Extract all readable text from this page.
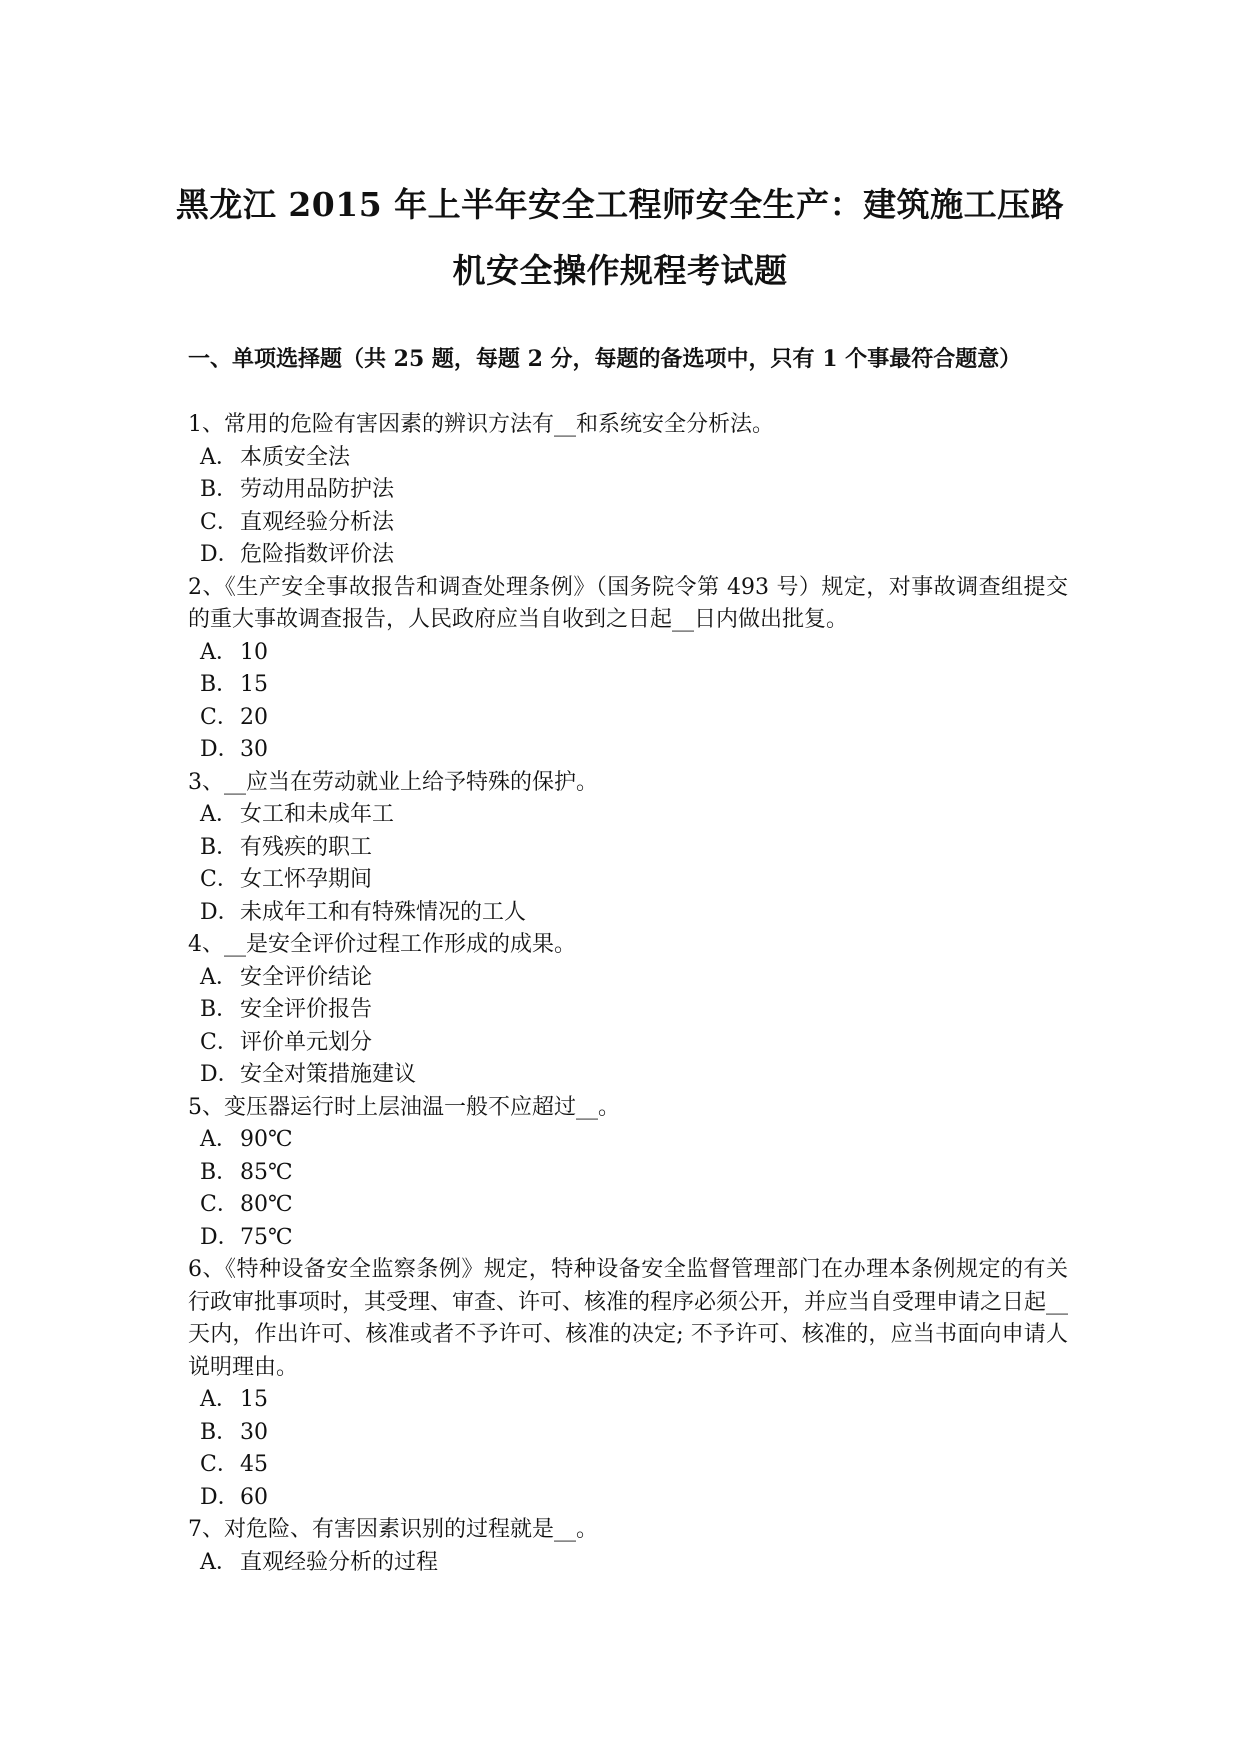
黑龙江 2015 年上半年安全工程师安全生产：建筑施工压路
机安全操作规程考试题
一、单项选择题（共 25 题，每题 2 分，每题的备选项中，只有 1 个事最符合题意）

1、常用的危险有害因素的辨识方法有__和系统安全分析法。

A．本质安全法

B．劳动用品防护法

C．直观经验分析法

D．危险指数评价法

2、《生产安全事故报告和调查处理条例》（国务院令第 493 号）规定，对事故调查组提交的重大事故调查报告，人民政府应当自收到之日起__日内做出批复。

A．10

B．15

C．20

D．30

3、__应当在劳动就业上给予特殊的保护。

A．女工和未成年工

B．有残疾的职工

C．女工怀孕期间

D．未成年工和有特殊情况的工人

4、__是安全评价过程工作形成的成果。

A．安全评价结论

B．安全评价报告

C．评价单元划分

D．安全对策措施建议

5、变压器运行时上层油温一般不应超过__。

A．90℃

B．85℃

C．80℃

D．75℃

6、《特种设备安全监察条例》规定，特种设备安全监督管理部门在办理本条例规定的有关行政审批事项时，其受理、审查、许可、核准的程序必须公开，并应当自受理申请之日起__天内，作出许可、核准或者不予许可、核准的决定; 不予许可、核准的，应当书面向申请人说明理由。

A．15

B．30

C．45

D．60

7、对危险、有害因素识别的过程就是__。

A．直观经验分析的过程
